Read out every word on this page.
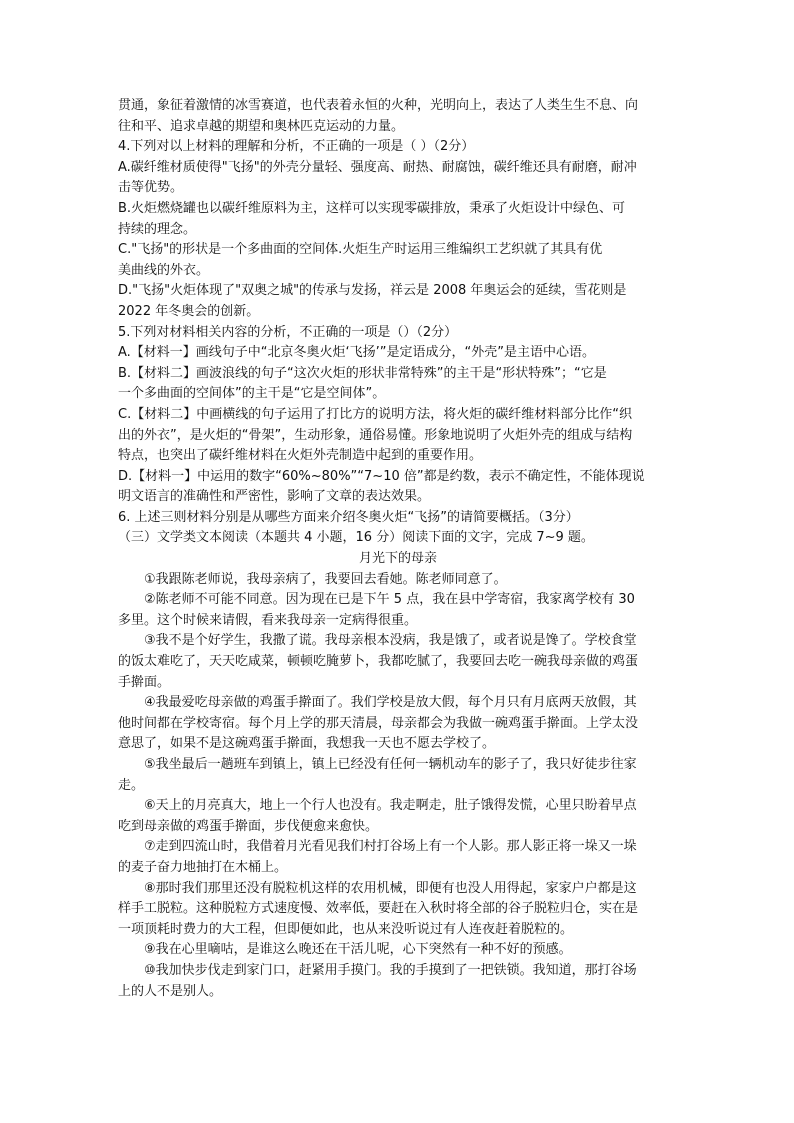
贯通，象征着激情的冰雪赛道，也代表着永恒的火种，光明向上，表达了人类生生不息、向

往和平、追求卓越的期望和奥林匹克运动的力量。

4.下列对以上材料的理解和分析，不正确的一项是（ ）（2分）

A.碳纤维材质使得"飞扬"的外壳分量轻、强度高、耐热、耐腐蚀，碳纤维还具有耐磨，耐冲

击等优势。

B.火炬燃烧罐也以碳纤维原料为主，这样可以实现零碳排放，秉承了火炬设计中绿色、可

持续的理念。

C."飞扬"的形状是一个多曲面的空间体.火炬生产时运用三维编织工艺织就了其具有优

美曲线的外衣。

D."飞扬"火炬体现了"双奥之城"的传承与发扬，祥云是 2008 年奥运会的延续，雪花则是

2022 年冬奥会的创新。

5.下列对材料相关内容的分析，不正确的一项是（）（2分）

A.【材料一】画线句子中“北京冬奥火炬‘飞扬’”是定语成分，“外壳”是主语中心语。

B.【材料二】画波浪线的句子“这次火炬的形状非常特殊”的主干是“形状特殊”；“它是

一个多曲面的空间体”的主干是“它是空间体”。

C.【材料二】中画横线的句子运用了打比方的说明方法，将火炬的碳纤维材料部分比作“织

出的外衣”，是火炬的“骨架”，生动形象，通俗易懂。形象地说明了火炬外壳的组成与结构

特点，也突出了碳纤维材料在火炬外壳制造中起到的重要作用。

D.【材料一】中运用的数字“60%~80%”“7~10 倍”都是约数，表示不确定性，不能体现说

明文语言的准确性和严密性，影响了文章的表达效果。

6. 上述三则材料分别是从哪些方面来介绍冬奥火炬“飞扬”的请简要概括。（3分）

（三）文学类文本阅读（本题共 4 小题，16 分）阅读下面的文字，完成 7~9 题。

月光下的母亲

①我跟陈老师说，我母亲病了，我要回去看她。陈老师同意了。

②陈老师不可能不同意。因为现在已是下午 5 点，我在县中学寄宿，我家离学校有 30

多里。这个时候来请假，看来我母亲一定病得很重。

③我不是个好学生，我撒了谎。我母亲根本没病，我是饿了，或者说是馋了。学校食堂

的饭太难吃了，天天吃咸菜，顿顿吃腌萝卜，我都吃腻了，我要回去吃一碗我母亲做的鸡蛋

手擀面。

④我最爱吃母亲做的鸡蛋手擀面了。我们学校是放大假，每个月只有月底两天放假，其

他时间都在学校寄宿。每个月上学的那天清晨，母亲都会为我做一碗鸡蛋手擀面。上学太没

意思了，如果不是这碗鸡蛋手擀面，我想我一天也不愿去学校了。

⑤我坐最后一趟班车到镇上，镇上已经没有任何一辆机动车的影子了，我只好徒步往家

走。

⑥天上的月亮真大，地上一个行人也没有。我走啊走，肚子饿得发慌，心里只盼着早点

吃到母亲做的鸡蛋手擀面，步伐便愈来愈快。

⑦走到四流山时，我借着月光看见我们村打谷场上有一个人影。那人影正将一垛又一垛

的麦子奋力地抽打在木桶上。

⑧那时我们那里还没有脱粒机这样的农用机械，即便有也没人用得起，家家户户都是这

样手工脱粒。这种脱粒方式速度慢、效率低，要赶在入秋时将全部的谷子脱粒归仓，实在是

一项顶耗时费力的大工程，但即便如此，也从来没听说过有人连夜赶着脱粒的。

⑨我在心里嘀咕，是谁这么晚还在干活儿呢，心下突然有一种不好的预感。

⑩我加快步伐走到家门口，赶紧用手摸门。我的手摸到了一把铁锁。我知道，那打谷场

上的人不是别人。
